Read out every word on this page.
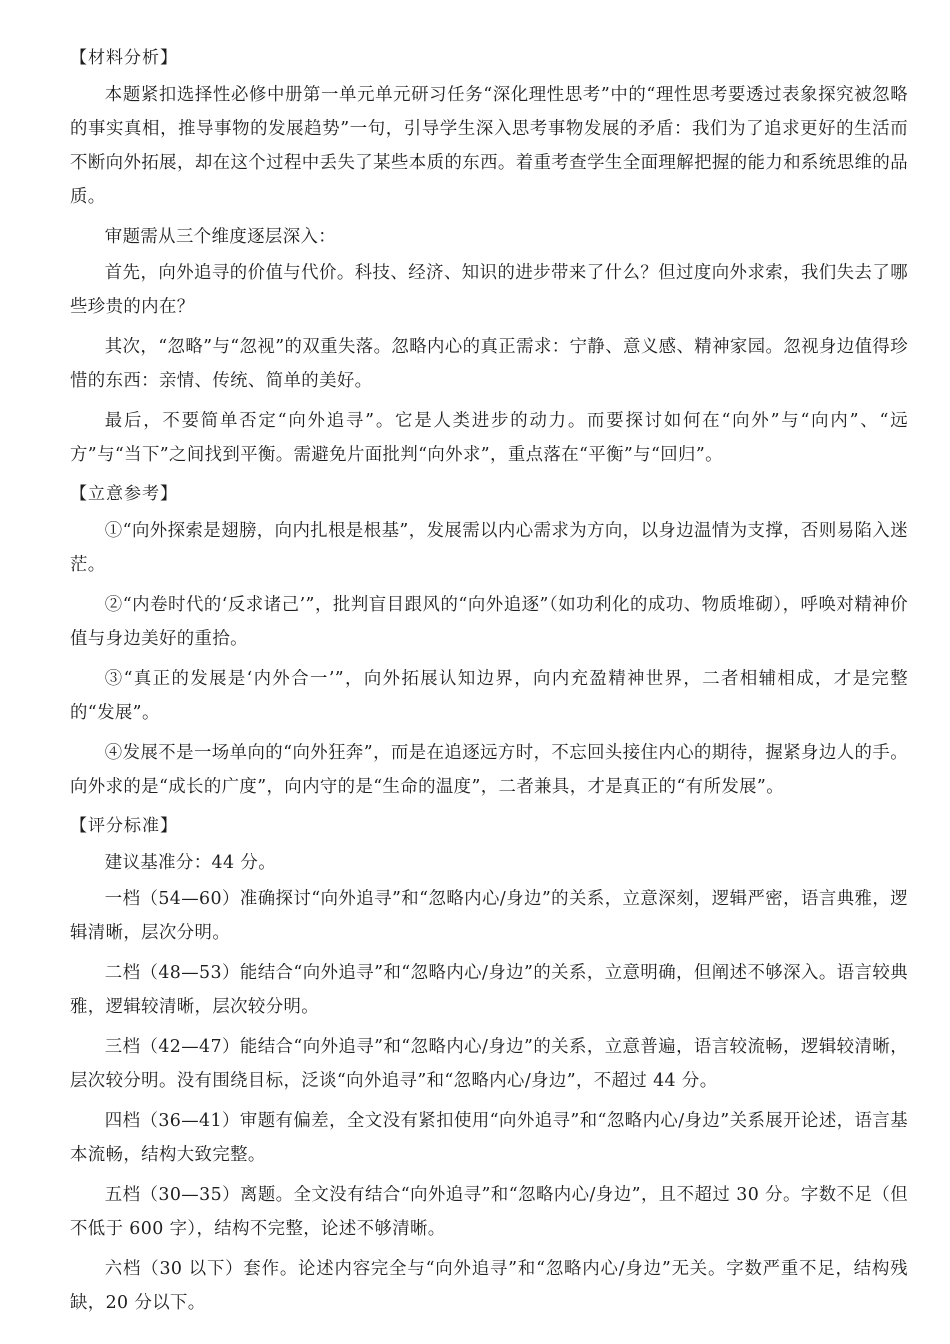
【材料分析】

本题紧扣选择性必修中册第一单元单元研习任务“深化理性思考”中的“理性思考要透过表象探究被忽略的事实真相，推导事物的发展趋势”一句，引导学生深入思考事物发展的矛盾：我们为了追求更好的生活而不断向外拓展，却在这个过程中丢失了某些本质的东西。着重考查学生全面理解把握的能力和系统思维的品质。

审题需从三个维度逐层深入：

首先，向外追寻的价值与代价。科技、经济、知识的进步带来了什么？但过度向外求索，我们失去了哪些珍贵的内在？

其次，“忽略”与“忽视”的双重失落。忽略内心的真正需求：宁静、意义感、精神家园。忽视身边值得珍惜的东西：亲情、传统、简单的美好。

最后，不要简单否定“向外追寻”。它是人类进步的动力。而要探讨如何在“向外”与“向内”、“远方”与“当下”之间找到平衡。需避免片面批判“向外求”，重点落在“平衡”与“回归”。

【立意参考】

①“向外探索是翅膀，向内扎根是根基”，发展需以内心需求为方向，以身边温情为支撑，否则易陷入迷茫。

②“内卷时代的‘反求诸己’”，批判盲目跟风的“向外追逐”（如功利化的成功、物质堆砌），呼唤对精神价值与身边美好的重拾。

③“真正的发展是‘内外合一’”，向外拓展认知边界，向内充盈精神世界，二者相辅相成，才是完整的“发展”。

④发展不是一场单向的“向外狂奔”，而是在追逐远方时，不忘回头接住内心的期待，握紧身边人的手。向外求的是“成长的广度”，向内守的是“生命的温度”，二者兼具，才是真正的“有所发展”。

【评分标准】

建议基准分：44 分。

一档（54—60）准确探讨“向外追寻”和“忽略内心/身边”的关系，立意深刻，逻辑严密，语言典雅，逻辑清晰，层次分明。

二档（48—53）能结合“向外追寻”和“忽略内心/身边”的关系，立意明确，但阐述不够深入。语言较典雅，逻辑较清晰，层次较分明。

三档（42—47）能结合“向外追寻”和“忽略内心/身边”的关系，立意普遍，语言较流畅，逻辑较清晰，层次较分明。没有围绕目标，泛谈“向外追寻”和“忽略内心/身边”，不超过 44 分。

四档（36—41）审题有偏差，全文没有紧扣使用“向外追寻”和“忽略内心/身边”关系展开论述，语言基本流畅，结构大致完整。

五档（30—35）离题。全文没有结合“向外追寻”和“忽略内心/身边”，且不超过 30 分。字数不足（但不低于 600 字），结构不完整，论述不够清晰。

六档（30 以下）套作。论述内容完全与“向外追寻”和“忽略内心/身边”无关。字数严重不足，结构残缺，20 分以下。
